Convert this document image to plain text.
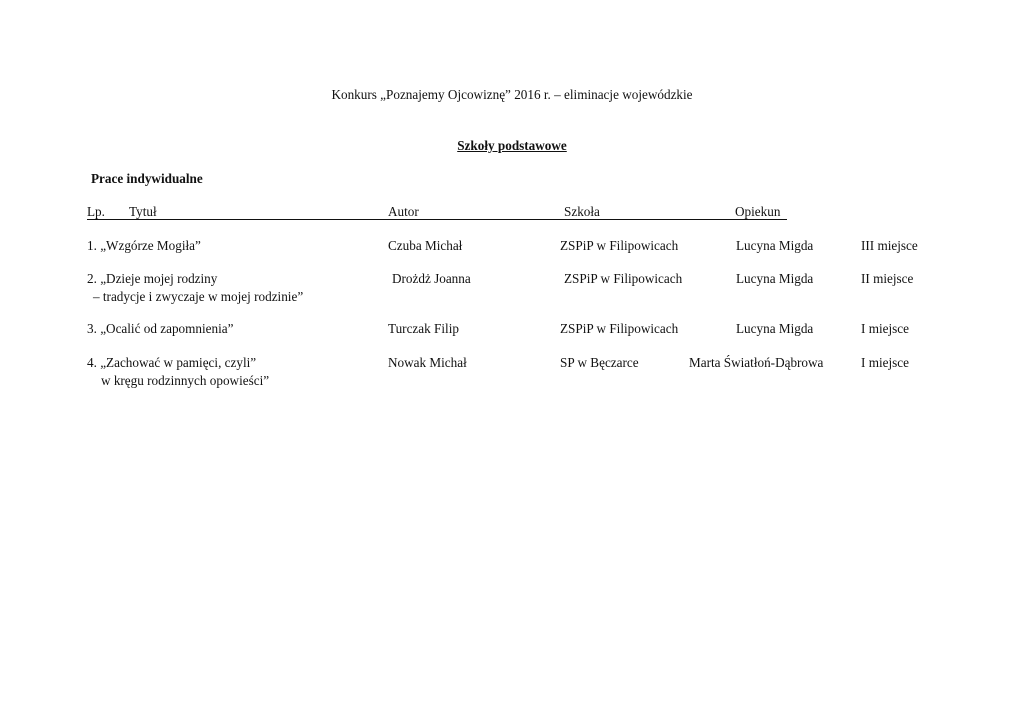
Konkurs „Poznajemy Ojcowiznę” 2016 r. – eliminacje wojewódzkie
Szkoły podstawowe
Prace indywidualne
Lp. Tytuł	Autor	Szkoła	Opiekun
1. „Wzgórze Mogiła”	Czuba Michał	ZSPiP w Filipowicach	Lucyna Migda	III miejsce
2. „Dzieje mojej rodziny
– tradycje i zwyczaje w mojej rodzinie”
Drożdż Joanna	ZSPiP w Filipowicach	Lucyna Migda	II miejsce
3. „Ocalić od zapomnienia”	Turczak Filip	ZSPiP w Filipowicach	Lucyna Migda	I miejsce
4. „Zachować w pamięci, czyli”
w kręgu rodzinnych opowieści”
Nowak Michał	SP w Bęczarce	Marta Światłoń-Dąbrowa	I miejsce
